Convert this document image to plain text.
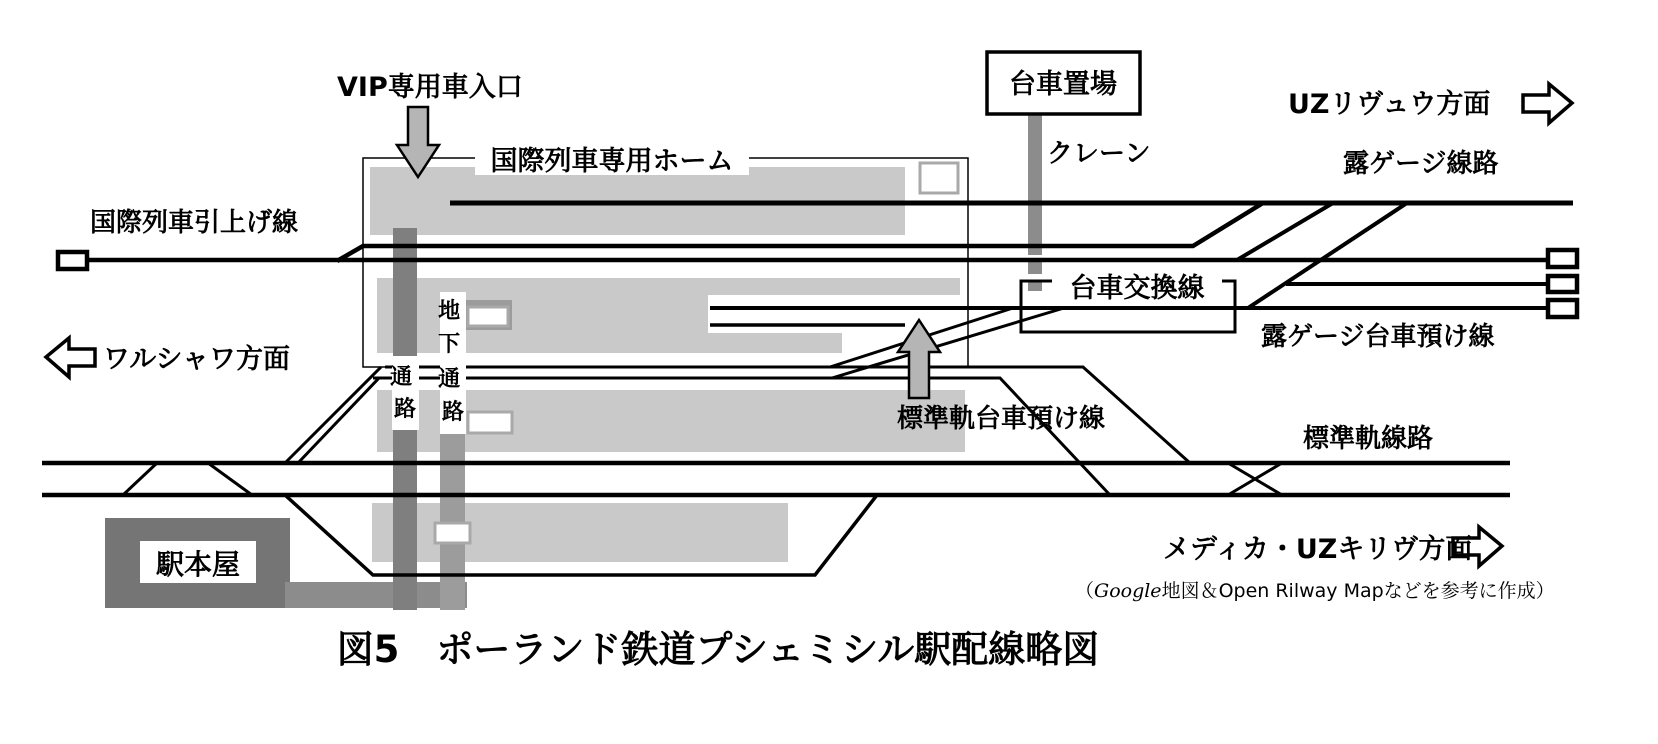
台車置場
台車交換線
国際列車専用ホーム
VIP専用車入口
国際列車引上げ線
ワルシャワ方面
UZリヴュウ方面
露ゲージ線路
クレーン
露ゲージ台車預け線
標準軌台車預け線
標準軌線路
メディカ・UZキリヴ方面
通 路
地 下 通 路
駅本屋
（Google地図＆Open Rilway Mapなどを参考に作成）
図5　ポーランド鉄道プシェミシル駅配線略図
